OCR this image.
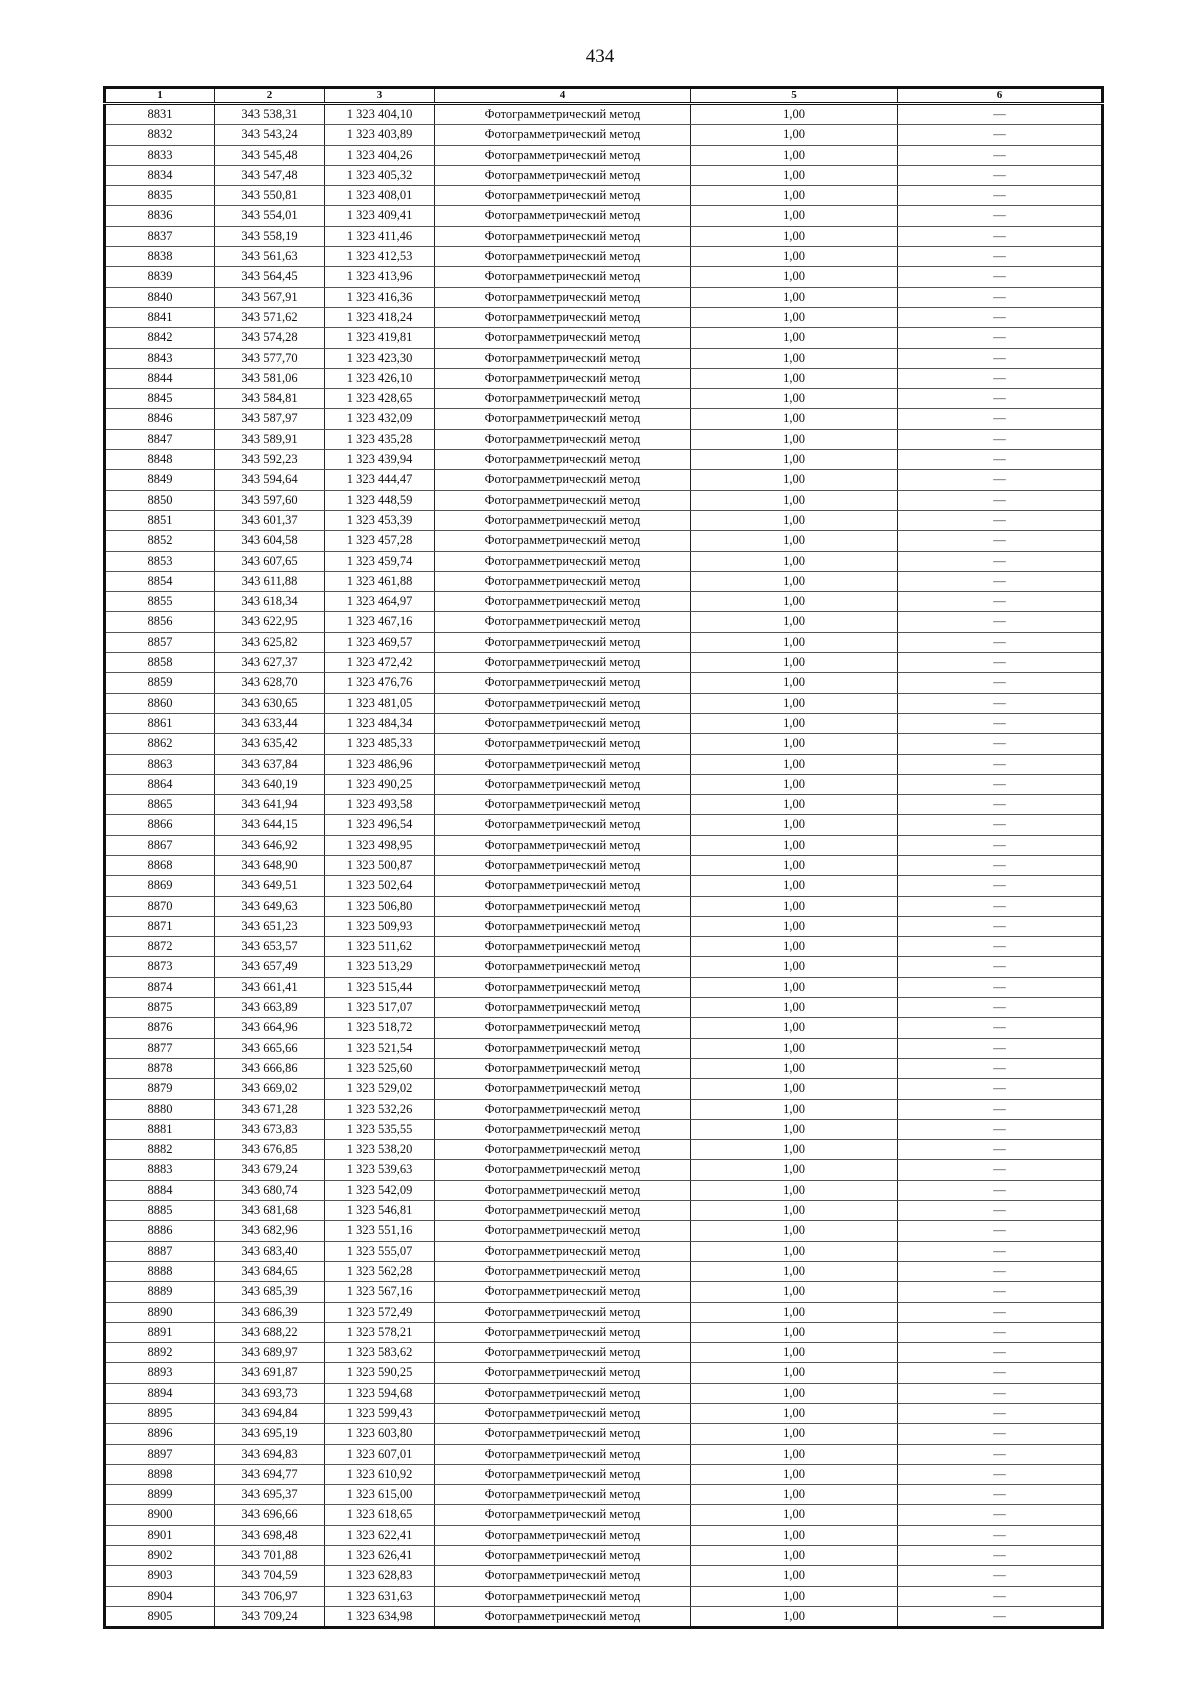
434
1	2	3	4	5	6
8831	343 538,31	1 323 404,10	Фотограмметрический метод	1,00	—
8832	343 543,24	1 323 403,89	Фотограмметрический метод	1,00	—
8833	343 545,48	1 323 404,26	Фотограмметрический метод	1,00	—
8834	343 547,48	1 323 405,32	Фотограмметрический метод	1,00	—
8835	343 550,81	1 323 408,01	Фотограмметрический метод	1,00	—
8836	343 554,01	1 323 409,41	Фотограмметрический метод	1,00	—
8837	343 558,19	1 323 411,46	Фотограмметрический метод	1,00	—
8838	343 561,63	1 323 412,53	Фотограмметрический метод	1,00	—
8839	343 564,45	1 323 413,96	Фотограмметрический метод	1,00	—
8840	343 567,91	1 323 416,36	Фотограмметрический метод	1,00	—
8841	343 571,62	1 323 418,24	Фотограмметрический метод	1,00	—
8842	343 574,28	1 323 419,81	Фотограмметрический метод	1,00	—
8843	343 577,70	1 323 423,30	Фотограмметрический метод	1,00	—
8844	343 581,06	1 323 426,10	Фотограмметрический метод	1,00	—
8845	343 584,81	1 323 428,65	Фотограмметрический метод	1,00	—
8846	343 587,97	1 323 432,09	Фотограмметрический метод	1,00	—
8847	343 589,91	1 323 435,28	Фотограмметрический метод	1,00	—
8848	343 592,23	1 323 439,94	Фотограмметрический метод	1,00	—
8849	343 594,64	1 323 444,47	Фотограмметрический метод	1,00	—
8850	343 597,60	1 323 448,59	Фотограмметрический метод	1,00	—
8851	343 601,37	1 323 453,39	Фотограмметрический метод	1,00	—
8852	343 604,58	1 323 457,28	Фотограмметрический метод	1,00	—
8853	343 607,65	1 323 459,74	Фотограмметрический метод	1,00	—
8854	343 611,88	1 323 461,88	Фотограмметрический метод	1,00	—
8855	343 618,34	1 323 464,97	Фотограмметрический метод	1,00	—
8856	343 622,95	1 323 467,16	Фотограмметрический метод	1,00	—
8857	343 625,82	1 323 469,57	Фотограмметрический метод	1,00	—
8858	343 627,37	1 323 472,42	Фотограмметрический метод	1,00	—
8859	343 628,70	1 323 476,76	Фотограмметрический метод	1,00	—
8860	343 630,65	1 323 481,05	Фотограмметрический метод	1,00	—
8861	343 633,44	1 323 484,34	Фотограмметрический метод	1,00	—
8862	343 635,42	1 323 485,33	Фотограмметрический метод	1,00	—
8863	343 637,84	1 323 486,96	Фотограмметрический метод	1,00	—
8864	343 640,19	1 323 490,25	Фотограмметрический метод	1,00	—
8865	343 641,94	1 323 493,58	Фотограмметрический метод	1,00	—
8866	343 644,15	1 323 496,54	Фотограмметрический метод	1,00	—
8867	343 646,92	1 323 498,95	Фотограмметрический метод	1,00	—
8868	343 648,90	1 323 500,87	Фотограмметрический метод	1,00	—
8869	343 649,51	1 323 502,64	Фотограмметрический метод	1,00	—
8870	343 649,63	1 323 506,80	Фотограмметрический метод	1,00	—
8871	343 651,23	1 323 509,93	Фотограмметрический метод	1,00	—
8872	343 653,57	1 323 511,62	Фотограмметрический метод	1,00	—
8873	343 657,49	1 323 513,29	Фотограмметрический метод	1,00	—
8874	343 661,41	1 323 515,44	Фотограмметрический метод	1,00	—
8875	343 663,89	1 323 517,07	Фотограмметрический метод	1,00	—
8876	343 664,96	1 323 518,72	Фотограмметрический метод	1,00	—
8877	343 665,66	1 323 521,54	Фотограмметрический метод	1,00	—
8878	343 666,86	1 323 525,60	Фотограмметрический метод	1,00	—
8879	343 669,02	1 323 529,02	Фотограмметрический метод	1,00	—
8880	343 671,28	1 323 532,26	Фотограмметрический метод	1,00	—
8881	343 673,83	1 323 535,55	Фотограмметрический метод	1,00	—
8882	343 676,85	1 323 538,20	Фотограмметрический метод	1,00	—
8883	343 679,24	1 323 539,63	Фотограмметрический метод	1,00	—
8884	343 680,74	1 323 542,09	Фотограмметрический метод	1,00	—
8885	343 681,68	1 323 546,81	Фотограмметрический метод	1,00	—
8886	343 682,96	1 323 551,16	Фотограмметрический метод	1,00	—
8887	343 683,40	1 323 555,07	Фотограмметрический метод	1,00	—
8888	343 684,65	1 323 562,28	Фотограмметрический метод	1,00	—
8889	343 685,39	1 323 567,16	Фотограмметрический метод	1,00	—
8890	343 686,39	1 323 572,49	Фотограмметрический метод	1,00	—
8891	343 688,22	1 323 578,21	Фотограмметрический метод	1,00	—
8892	343 689,97	1 323 583,62	Фотограмметрический метод	1,00	—
8893	343 691,87	1 323 590,25	Фотограмметрический метод	1,00	—
8894	343 693,73	1 323 594,68	Фотограмметрический метод	1,00	—
8895	343 694,84	1 323 599,43	Фотограмметрический метод	1,00	—
8896	343 695,19	1 323 603,80	Фотограмметрический метод	1,00	—
8897	343 694,83	1 323 607,01	Фотограмметрический метод	1,00	—
8898	343 694,77	1 323 610,92	Фотограмметрический метод	1,00	—
8899	343 695,37	1 323 615,00	Фотограмметрический метод	1,00	—
8900	343 696,66	1 323 618,65	Фотограмметрический метод	1,00	—
8901	343 698,48	1 323 622,41	Фотограмметрический метод	1,00	—
8902	343 701,88	1 323 626,41	Фотограмметрический метод	1,00	—
8903	343 704,59	1 323 628,83	Фотограмметрический метод	1,00	—
8904	343 706,97	1 323 631,63	Фотограмметрический метод	1,00	—
8905	343 709,24	1 323 634,98	Фотограмметрический метод	1,00	—
